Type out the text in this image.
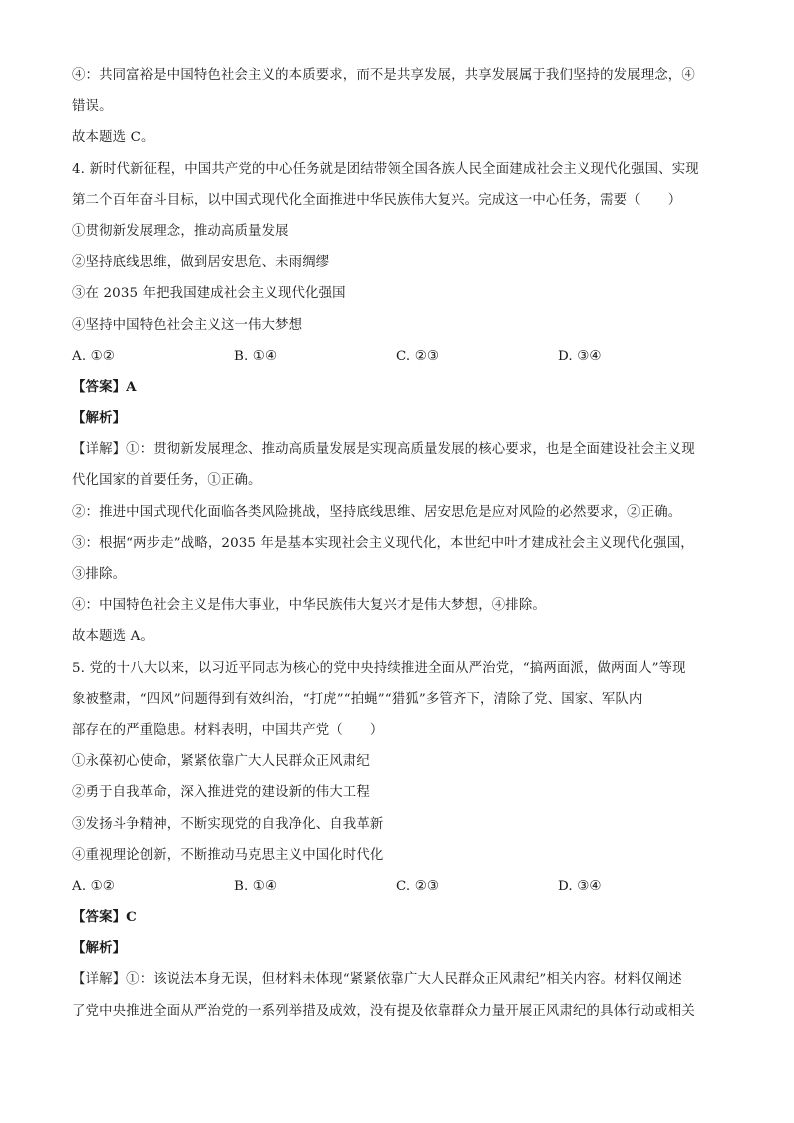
④：共同富裕是中国特色社会主义的本质要求，而不是共享发展，共享发展属于我们坚持的发展理念，④
错误。
故本题选 C。
4. 新时代新征程，中国共产党的中心任务就是团结带领全国各族人民全面建成社会主义现代化强国、实现
第二个百年奋斗目标，以中国式现代化全面推进中华民族伟大复兴。完成这一中心任务，需要（　　）
①贯彻新发展理念，推动高质量发展
②坚持底线思维，做到居安思危、未雨绸缪
③在 2035 年把我国建成社会主义现代化强国
④坚持中国特色社会主义这一伟大梦想
A. ①②	B. ①④	C. ②③	D. ③④
【答案】A
【解析】
【详解】①：贯彻新发展理念、推动高质量发展是实现高质量发展的核心要求，也是全面建设社会主义现
代化国家的首要任务，①正确。
②：推进中国式现代化面临各类风险挑战，坚持底线思维、居安思危是应对风险的必然要求，②正确。
③：根据“两步走”战略，2035 年是基本实现社会主义现代化，本世纪中叶才建成社会主义现代化强国，
③排除。
④：中国特色社会主义是伟大事业，中华民族伟大复兴才是伟大梦想，④排除。
故本题选 A。
5. 党的十八大以来，以习近平同志为核心的党中央持续推进全面从严治党，“搞两面派，做两面人”等现
象被整肃，“四风”问题得到有效纠治，“打虎”“拍蝇”“猎狐”多管齐下，清除了党、国家、军队内
部存在的严重隐患。材料表明，中国共产党（　　）
①永葆初心使命，紧紧依靠广大人民群众正风肃纪
②勇于自我革命，深入推进党的建设新的伟大工程
③发扬斗争精神，不断实现党的自我净化、自我革新
④重视理论创新，不断推动马克思主义中国化时代化
A. ①②	B. ①④	C. ②③	D. ③④
【答案】C
【解析】
【详解】①：该说法本身无误，但材料未体现“紧紧依靠广大人民群众正风肃纪”相关内容。材料仅阐述
了党中央推进全面从严治党的一系列举措及成效，没有提及依靠群众力量开展正风肃纪的具体行动或相关
